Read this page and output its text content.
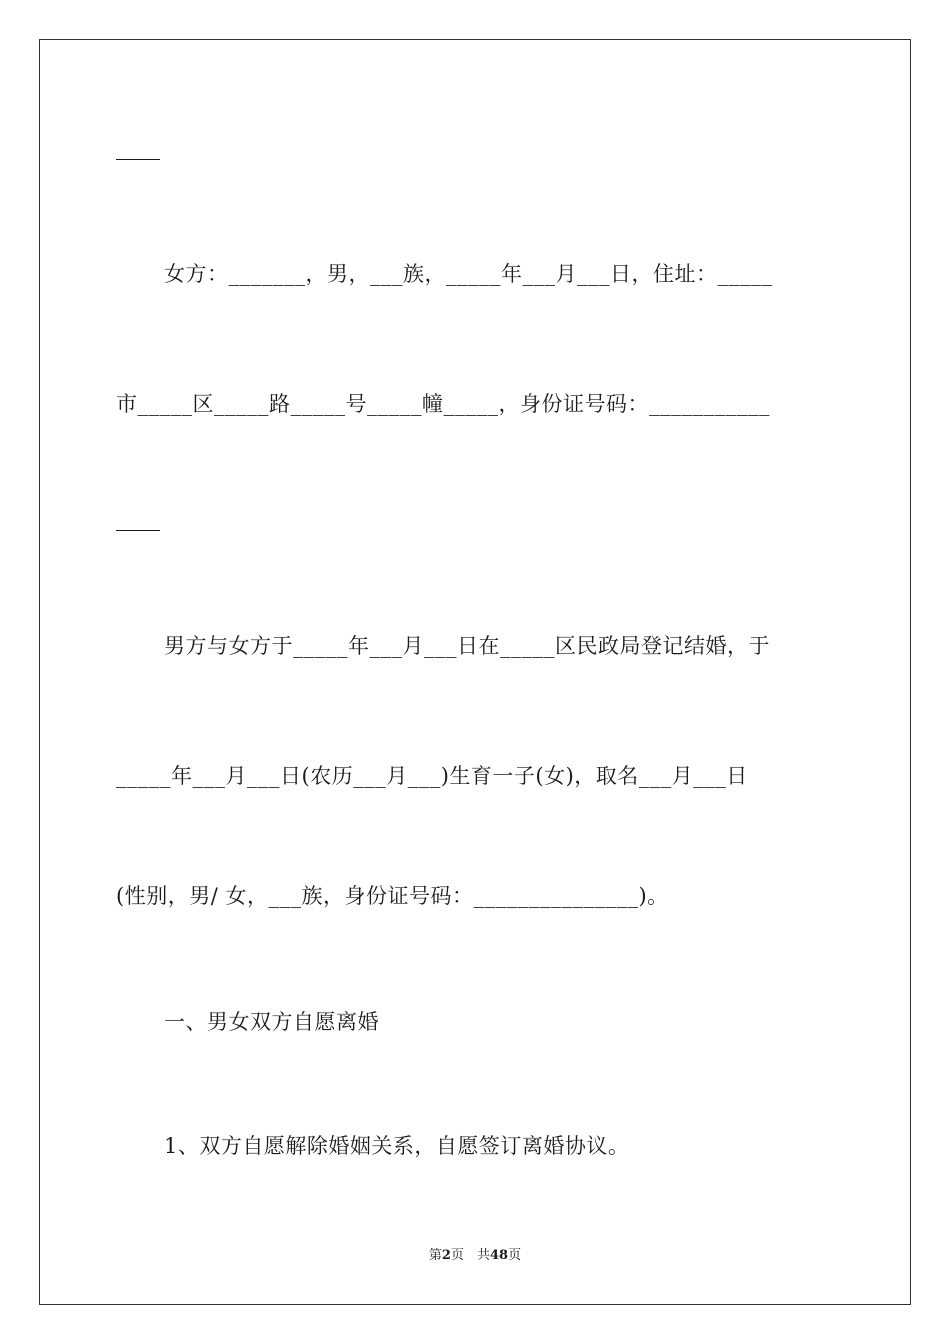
女方：_______，男，___族，_____年___月___日，住址：_____
市_____区_____路_____号_____幢_____，身份证号码：___________
男方与女方于_____年___月___日在_____区民政局登记结婚，于
_____年___月___日(农历___月___)生育一子(女)，取名___月___日
(性别，男/ 女，___族，身份证号码：_______________)。
一、男女双方自愿离婚
1、双方自愿解除婚姻关系，自愿签订离婚协议。
第2页　共48页
